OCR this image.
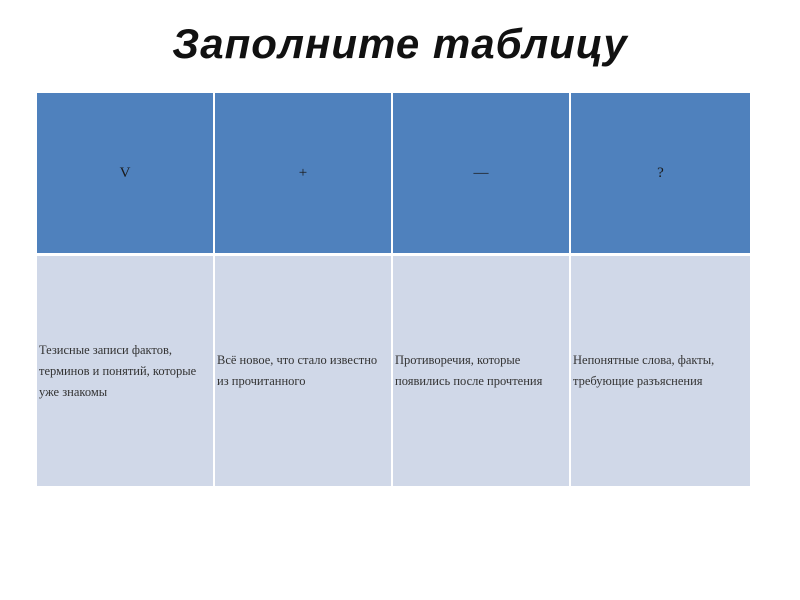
Заполните таблицу
V	+	—	?
Тезисные записи фактов, терминов и понятий, которые уже знакомы	Всё новое, что стало известно из прочитанного	Противоречия, которые появились после прочтения	Непонятные слова, факты, требующие разъяснения
